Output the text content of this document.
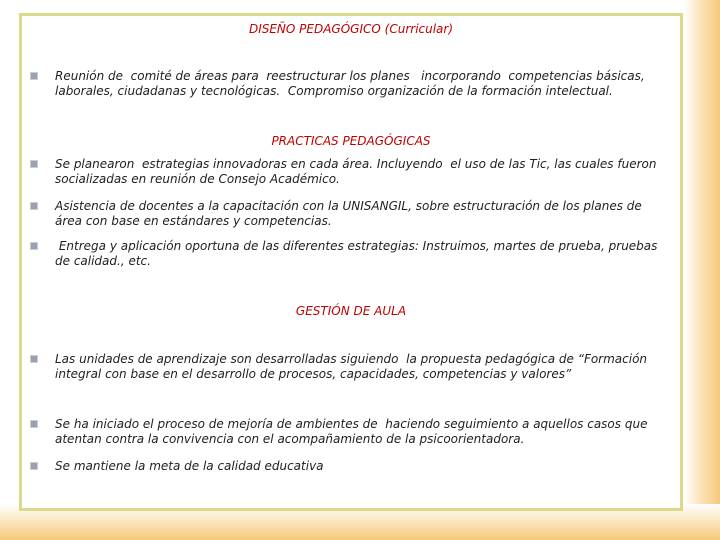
DISEÑO PEDAGÓGICO (Curricular)
Reunión de  comité de áreas para  reestructurar los planes   incorporando  competencias básicas, laborales, ciudadanas y tecnológicas.  Compromiso organización de la formación intelectual.
PRACTICAS PEDAGÓGICAS
Se planearon  estrategias innovadoras en cada área. Incluyendo  el uso de las Tic, las cuales fueron socializadas en reunión de Consejo Académico.
Asistencia de docentes a la capacitación con la UNISANGIL, sobre estructuración de los planes de área con base en estándares y competencias.
Entrega y aplicación oportuna de las diferentes estrategias: Instruimos, martes de prueba, pruebas de calidad., etc.
GESTIÓN DE AULA
Las unidades de aprendizaje son desarrolladas siguiendo  la propuesta pedagógica de “Formación integral con base en el desarrollo de procesos, capacidades, competencias y valores”
Se ha iniciado el proceso de mejoría de ambientes de  haciendo seguimiento a aquellos casos que atentan contra la convivencia con el acompañamiento de la psicoorientadora.
Se mantiene la meta de la calidad educativa
